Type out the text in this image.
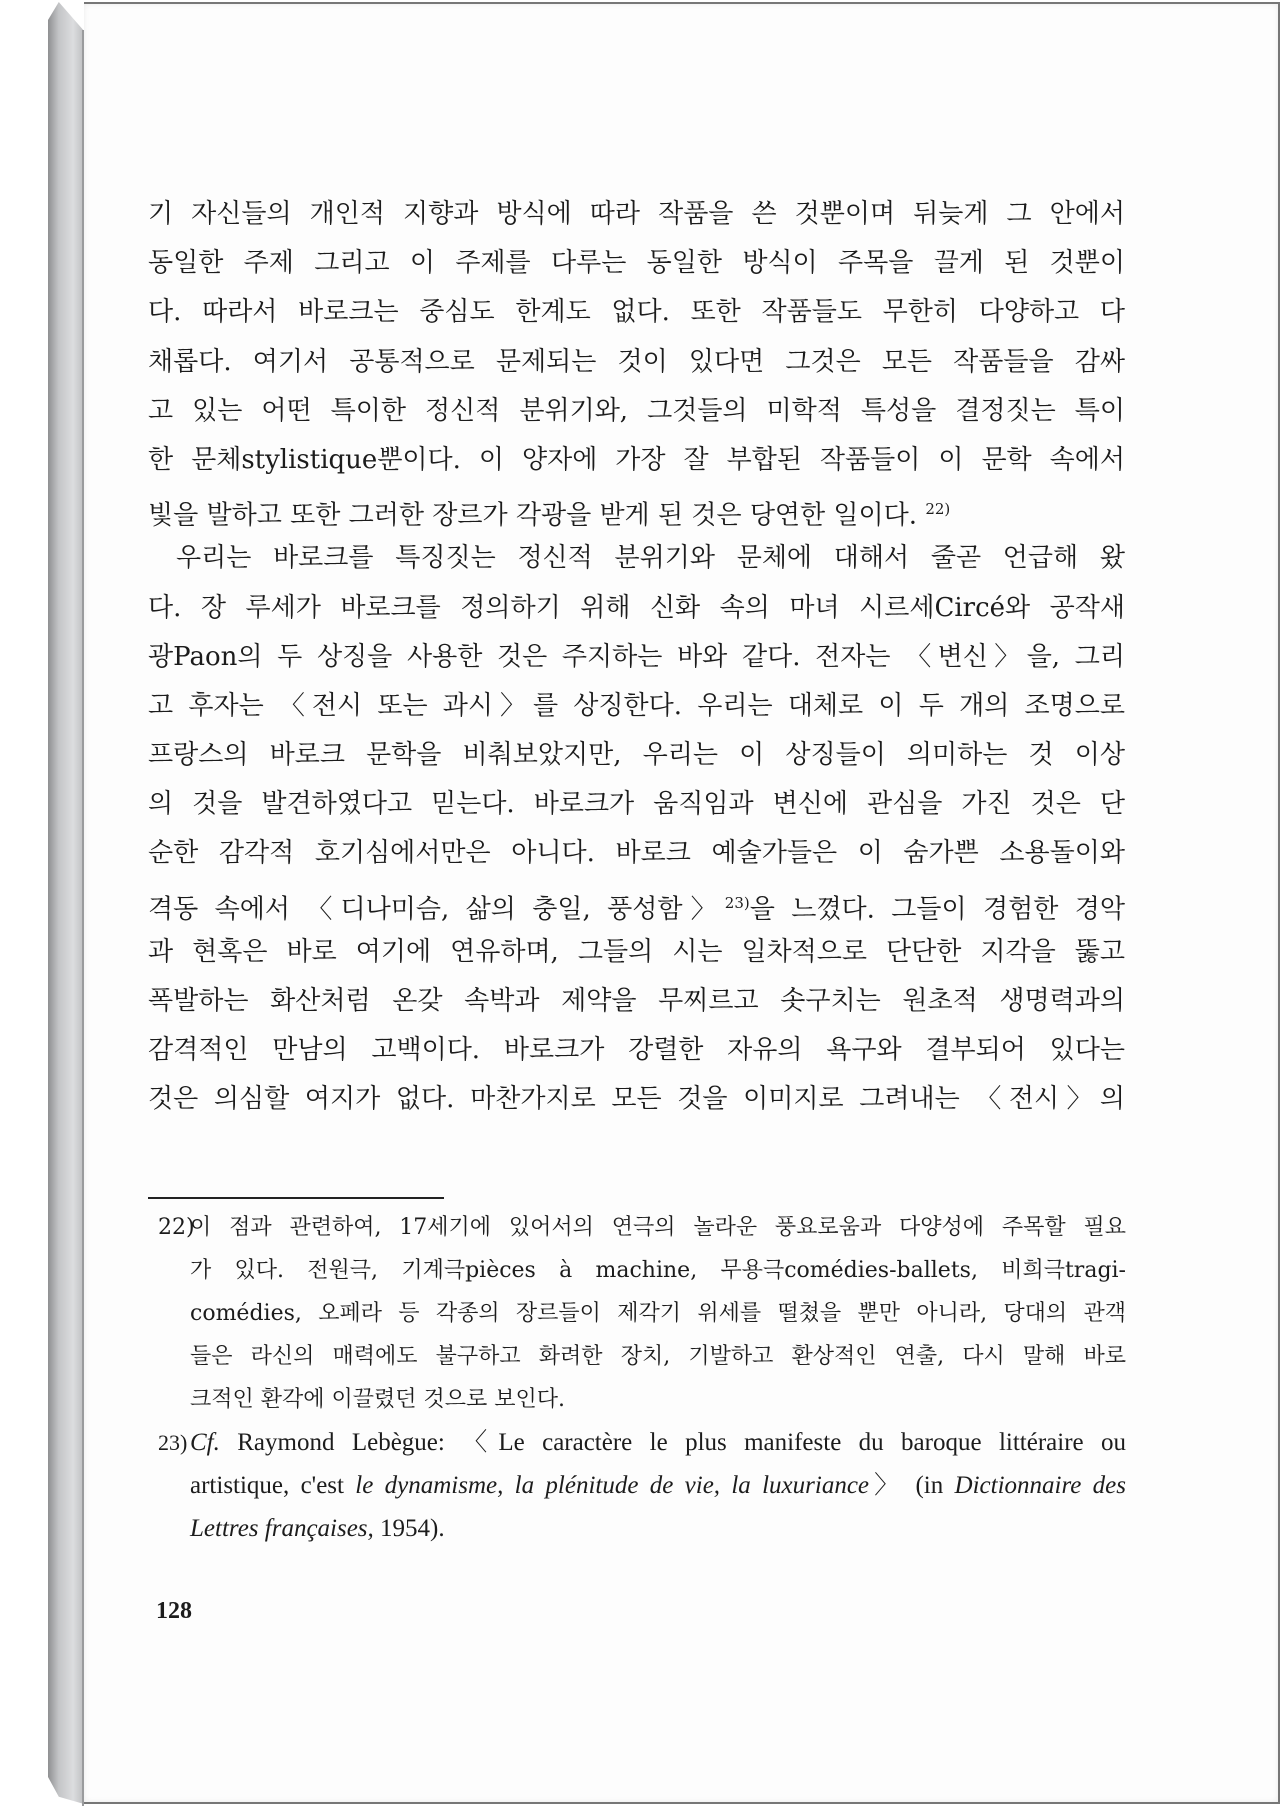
기 자신들의 개인적 지향과 방식에 따라 작품을 쓴 것뿐이며 뒤늦게 그 안에서
동일한 주제 그리고 이 주제를 다루는 동일한 방식이 주목을 끌게 된 것뿐이
다. 따라서 바로크는 중심도 한계도 없다. 또한 작품들도 무한히 다양하고 다
채롭다. 여기서 공통적으로 문제되는 것이 있다면 그것은 모든 작품들을 감싸
고 있는 어떤 특이한 정신적 분위기와, 그것들의 미학적 특성을 결정짓는 특이
한 문체stylistique뿐이다. 이 양자에 가장 잘 부합된 작품들이 이 문학 속에서
빛을 발하고 또한 그러한 장르가 각광을 받게 된 것은 당연한 일이다. $^{22)}$
우리는 바로크를 특징짓는 정신적 분위기와 문체에 대해서 줄곧 언급해 왔
다. 장 루세가 바로크를 정의하기 위해 신화 속의 마녀 시르세Circé와 공작새
광Paon의 두 상징을 사용한 것은 주지하는 바와 같다. 전자는 〈변신〉을, 그리
고 후자는 〈전시 또는 과시〉를 상징한다. 우리는 대체로 이 두 개의 조명으로
프랑스의 바로크 문학을 비춰보았지만, 우리는 이 상징들이 의미하는 것 이상
의 것을 발견하였다고 믿는다. 바로크가 움직임과 변신에 관심을 가진 것은 단
순한 감각적 호기심에서만은 아니다. 바로크 예술가들은 이 숨가쁜 소용돌이와
격동 속에서 〈디나미슴, 삶의 충일, 풍성함〉$^{23)}$을 느꼈다. 그들이 경험한 경악
과 현혹은 바로 여기에 연유하며, 그들의 시는 일차적으로 단단한 지각을 뚫고
폭발하는 화산처럼 온갖 속박과 제약을 무찌르고 솟구치는 원초적 생명력과의
감격적인 만남의 고백이다. 바로크가 강렬한 자유의 욕구와 결부되어 있다는
것은 의심할 여지가 없다. 마찬가지로 모든 것을 이미지로 그려내는 〈전시〉의
22)이 점과 관련하여, 17세기에 있어서의 연극의 놀라운 풍요로움과 다양성에 주목할 필요
가 있다. 전원극, 기계극pièces à machine, 무용극comédies-ballets, 비희극tragi-
comédies, 오페라 등 각종의 장르들이 제각기 위세를 떨쳤을 뿐만 아니라, 당대의 관객
들은 라신의 매력에도 불구하고 화려한 장치, 기발하고 환상적인 연출, 다시 말해 바로
크적인 환각에 이끌렸던 것으로 보인다.
23) Cf. Raymond Lebègue: 〈Le caractère le plus manifeste du baroque littéraire ou
artistique, c'est le dynamisme, la plénitude de vie, la luxuriance〉 (in Dictionnaire des
Lettres françaises, 1954).
128
